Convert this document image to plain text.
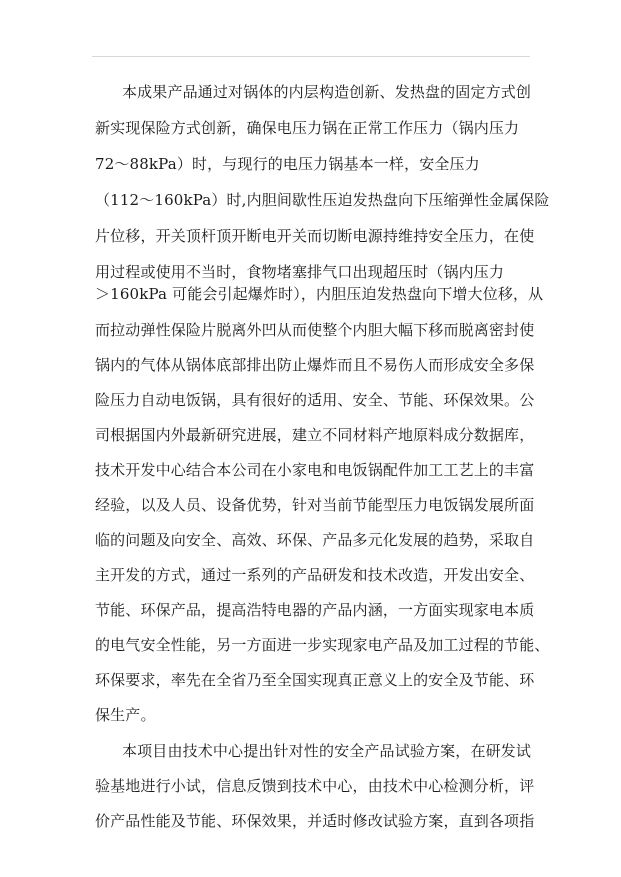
本成果产品通过对锅体的内层构造创新、发热盘的固定方式创
新实现保险方式创新，确保电压力锅在正常工作压力（锅内压力
72～88kPa）时，与现行的电压力锅基本一样，安全压力
（112～160kPa）时,内胆间歇性压迫发热盘向下压缩弹性金属保险
片位移，开关顶杆顶开断电开关而切断电源持维持安全压力，在使
用过程或使用不当时，食物堵塞排气口出现超压时（锅内压力
＞160kPa 可能会引起爆炸时），内胆压迫发热盘向下增大位移，从
而拉动弹性保险片脱离外凹从而使整个内胆大幅下移而脱离密封使
锅内的气体从锅体底部排出防止爆炸而且不易伤人而形成安全多保
险压力自动电饭锅，具有很好的适用、安全、节能、环保效果。公
司根据国内外最新研究进展，建立不同材料产地原料成分数据库，
技术开发中心结合本公司在小家电和电饭锅配件加工工艺上的丰富
经验，以及人员、设备优势，针对当前节能型压力电饭锅发展所面
临的问题及向安全、高效、环保、产品多元化发展的趋势，采取自
主开发的方式，通过一系列的产品研发和技术改造，开发出安全、
节能、环保产品，提高浩特电器的产品内涵，一方面实现家电本质
的电气安全性能，另一方面进一步实现家电产品及加工过程的节能、
环保要求，率先在全省乃至全国实现真正意义上的安全及节能、环
保生产。
本项目由技术中心提出针对性的安全产品试验方案，在研发试
验基地进行小试，信息反馈到技术中心，由技术中心检测分析，评
价产品性能及节能、环保效果，并适时修改试验方案，直到各项指
